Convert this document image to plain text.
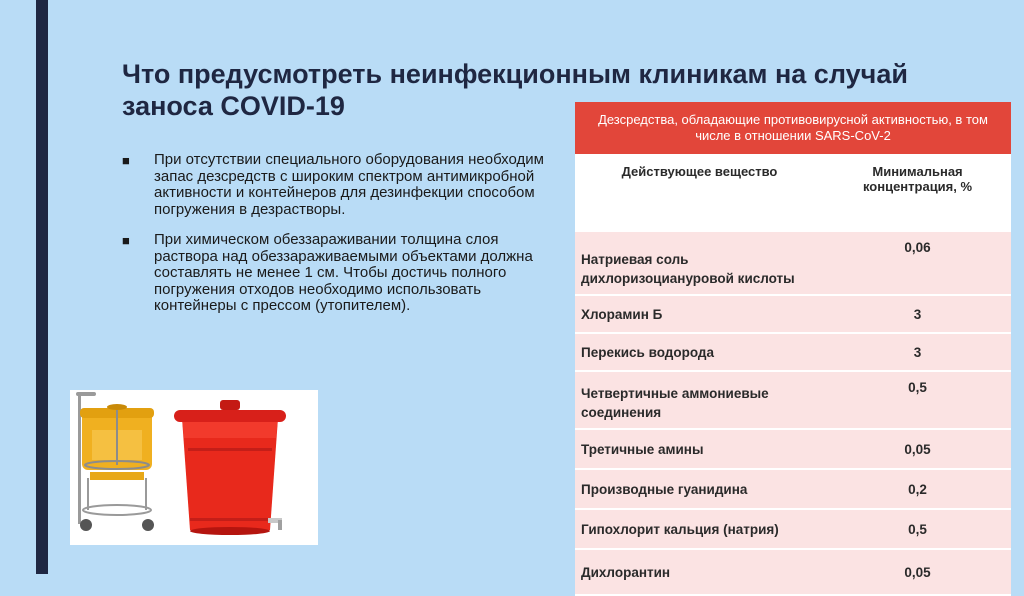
Что предусмотреть неинфекционным клиникам на случай заноса COVID-19
■ При отсутствии специального оборудования необходим запас дезсредств с широким спектром антимикробной активности и контейнеров для дезинфекции способом погружения в дезрастворы.
■ При химическом обеззараживании толщина слоя раствора над обеззараживаемыми объектами должна составлять не менее 1 см. Чтобы достичь полного погружения отходов необходимо использовать контейнеры с прессом (утопителем).
Дезсредства, обладающие противовирусной активностью, в том числе в отношении SARS-CoV-2	
Действующее вещество	Минимальная концентрация, %
Натриевая соль дихлоризоциануровой кислоты	0,06
Хлорамин Б	3
Перекись водорода	3
Четвертичные аммониевые соединения	0,5
Третичные амины	0,05
Производные гуанидина	0,2
Гипохлорит кальция (натрия)	0,5
Дихлорантин	0,05
